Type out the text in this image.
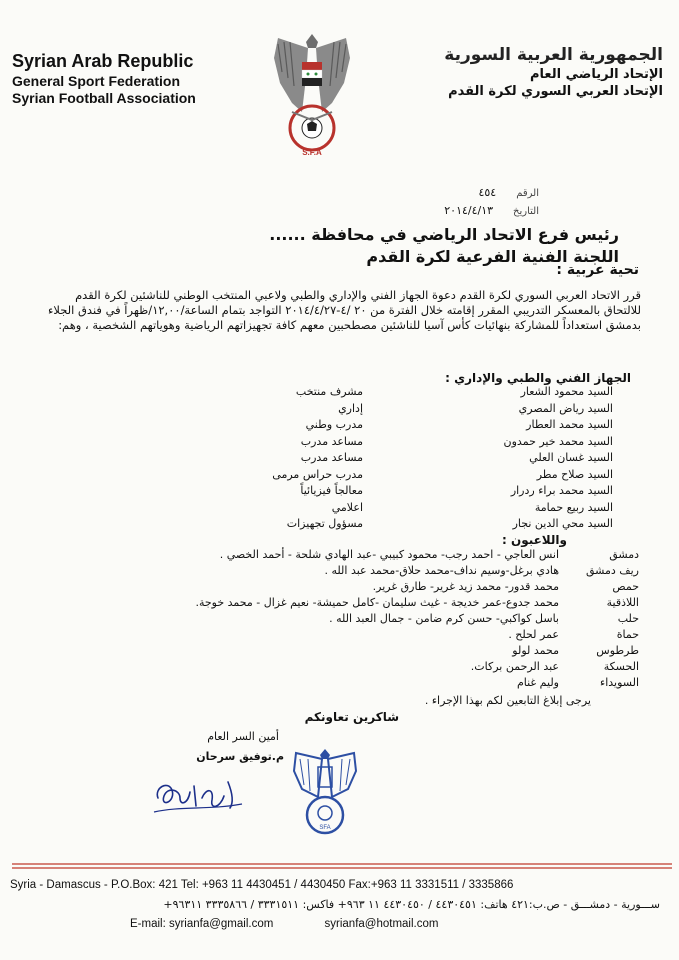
Syrian Arab Republic
General Sport Federation
Syrian Football Association
S.F.A
الجمهورية العربية السورية
الإتحاد الرياضي العام
الإتحاد العربي السوري لكرة القدم
الرقم٤٥٤
التاريخ٢٠١٤/٤/١٣
رئيس فرع الاتحاد الرياضي في محافظة ......
اللجنة الفنية الفرعية لكرة القدم
تحية عربية :
قرر الاتحاد العربي السوري لكرة القدم دعوة الجهاز الفني والإداري والطبي ولاعبي المنتخب الوطني للناشئين لكرة القدم للالتحاق بالمعسكر التدريبي المقرر إقامته خلال الفترة من ٢٠ /٤-٢٠١٤/٤/٢٧ التواجد بتمام الساعة/١٢,٠٠/ظهراً في فندق الجلاء بدمشق استعداداً للمشاركة بنهائيات كأس آسيا للناشئين مصطحبين معهم كافة تجهيزاتهم الرياضية وهوياتهم الشخصية ، وهم:
الجهاز الفني والطبي والإداري :
السيد محمود الشعار
مشرف منتخب
السيد رياض المصري
إداري
السيد محمد العطار
مدرب وطني
السيد محمد خير حمدون
مساعد مدرب
السيد غسان العلي
مساعد مدرب
السيد صلاح مطر
مدرب حراس مرمى
السيد محمد براء ردرار
معالجاً فيزيائياً
السيد ربيع حمامة
اعلامي
السيد محي الدين نجار
مسؤول تجهيزات
واللاعبون :
دمشق
انس العاجي - احمد رجب- محمود كبيبي -عبد الهادي شلحة - أحمد الخصي .
ريف دمشق
هادي برغل-وسيم نداف-محمد حلاق-محمد عبد الله .
حمص
محمد قدور- محمد زيد غرير- طارق غرير.
اللاذقية
محمد جدوع-عمر خديجة - غيث سليمان -كامل حميشة- نعيم غزال - محمد خوجة.
حلب
باسل كواكبي- حسن كرم ضامن - جمال العبد الله .
حماة
عمر لحلح .
طرطوس
محمد لولو
الحسكة
عبد الرحمن بركات.
السويداء
وليم غنام
يرجى إبلاغ التابعين لكم بهذا الإجراء .
شاكرين تعاونكم
أمين السر العام
م.توفيق سرحان
SFA
Syria - Damascus - P.O.Box: 421 Tel: +963 11 4430451 / 4430450 Fax:+963 11 3331511 / 3335866
ســـورية - دمشـــق - ص.ب:٤٢١ هاتف: ٤٤٣٠٤٥١ / ٤٤٣٠٤٥٠ ١١ ٩٦٣+ فاكس: ٣٣٣١٥١١ / ٣٣٣٥٨٦٦ ٩٦٣١١+
E-mail: syrianfa@gmail.com	syrianfa@hotmail.com
